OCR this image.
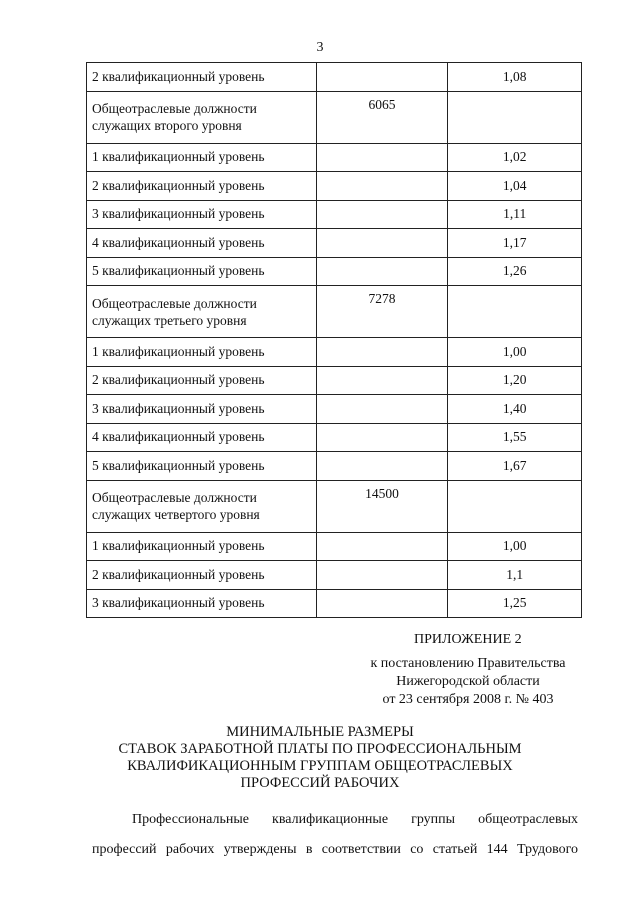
3
2 квалификационный уровень		1,08
Общеотраслевые должности служащих второго уровня	6065	
1 квалификационный уровень		1,02
2 квалификационный уровень		1,04
3 квалификационный уровень		1,11
4 квалификационный уровень		1,17
5 квалификационный уровень		1,26
Общеотраслевые должности служащих третьего уровня	7278	
1 квалификационный уровень		1,00
2 квалификационный уровень		1,20
3 квалификационный уровень		1,40
4 квалификационный уровень		1,55
5 квалификационный уровень		1,67
Общеотраслевые должности служащих четвертого уровня	14500	
1 квалификационный уровень		1,00
2 квалификационный уровень		1,1
3 квалификационный уровень		1,25
ПРИЛОЖЕНИЕ 2
к постановлению Правительства
Нижегородской области
от 23 сентября 2008 г. № 403
МИНИМАЛЬНЫЕ РАЗМЕРЫ
СТАВОК ЗАРАБОТНОЙ ПЛАТЫ ПО ПРОФЕССИОНАЛЬНЫМ
КВАЛИФИКАЦИОННЫМ ГРУППАМ ОБЩЕОТРАСЛЕВЫХ
ПРОФЕССИЙ РАБОЧИХ
Профессиональные квалификационные группы общеотраслевых
профессий рабочих утверждены в соответствии со статьей 144 Трудового
